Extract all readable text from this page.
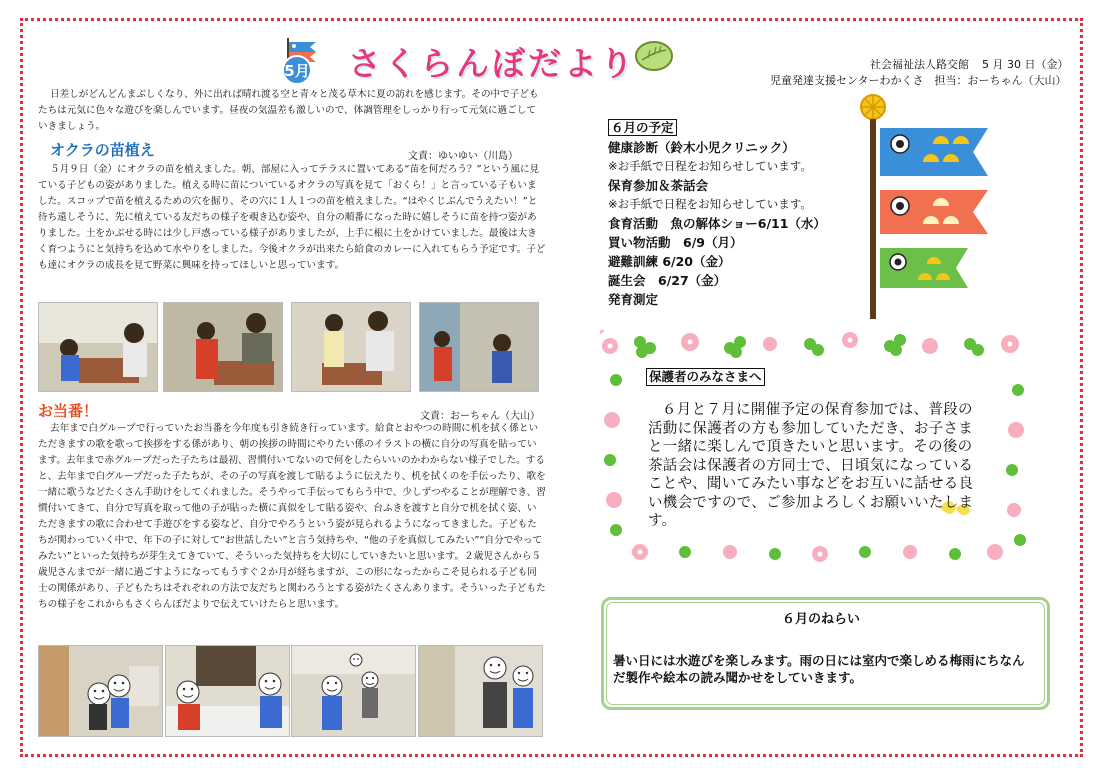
5月 さくらんぼだより	社会福祉法人路交館 5 月 30 日（金）
児童発達支援センターわかくさ　担当：おーちゃん（大山）
日差しがどんどんまぶしくなり、外に出れば晴れ渡る空と青々と茂る草木に夏の訪れを感じます。その中で子どもたちは元気に色々な遊びを楽しんでいます。昼夜の気温差も激しいので、体調管理をしっかり行って元気に過ごしていきましょう。
オクラの苗植え	文責：ゆいゆい（川島）
５月９日（金）にオクラの苗を植えました。朝、部屋に入ってテラスに置いてある“苗を何だろう？”という風に見ている子どもの姿がありました。植える時に苗についているオクラの写真を見て「おくら！」と言っている子もいました。スコップで苗を植えるための穴を掘り、その穴に１人１つの苗を植えました。“はやくじぶんでうえたい！”と待ち遠しそうに、先に植えている友だちの様子を覗き込む姿や、自分の順番になった時に嬉しそうに苗を持つ姿がありました。土をかぶせる時には少し戸惑っている様子がありましたが、上手に根に土をかけていました。最後は大きく育つようにと気持ちを込めて水やりをしました。今後オクラが出来たら給食のカレーに入れてもらう予定です。子ども達にオクラの成長を見て野菜に興味を持ってほしいと思っています。
お当番！	文責：おーちゃん（大山）
去年まで白グループで行っていたお当番を今年度も引き続き行っています。給食とおやつの時間に机を拭く係といただきますの歌を歌って挨拶をする係があり、朝の挨拶の時間にやりたい係のイラストの横に自分の写真を貼っています。去年まで赤グループだった子たちは最初、習慣付いてないので何をしたらいいのかわからない様子でした。すると、去年まで白グループだった子たちが、その子の写真を渡して貼るように伝えたり、机を拭くのを手伝ったり、歌を一緒に歌うなどたくさん手助けをしてくれました。そうやって手伝ってもらう中で、少しずつやることが理解でき、習慣付いてきて、自分で写真を取って他の子が貼った横に真似をして貼る姿や、台ふきを渡すと自分で机を拭く姿、いただきますの歌に合わせて手遊びをする姿など、自分でやろうという姿が見られるようになってきました。子どもたちが関わっていく中で、年下の子に対して“お世話したい”と言う気持ちや、“他の子を真似してみたい”“自分でやってみたい”といった気持ちが芽生えてきていて、そういった気持ちを大切にしていきたいと思います。２歳児さんから５歳児さんまでが一緒に過ごすようになってもうすぐ２か月が経ちますが、この形になったからこそ見られる子ども同士の関係があり、子どもたちはそれぞれの方法で友だちと関わろうとする姿がたくさんあります。そういった子どもたちの様子をこれからもさくらんぼだよりで伝えていけたらと思います。
６月の予定
健康診断（鈴木小児クリニック）
※お手紙で日程をお知らせしています。
保育参加＆茶話会
※お手紙で日程をお知らせしています。
食育活動　魚の解体ショー6/11（水）
買い物活動　6/9（月）
避難訓練 6/20（金）
誕生会　6/27（金）
発育測定
保護者のみなさまへ
６月と７月に開催予定の保育参加では、普段の活動に保護者の方も参加していただき、お子さまと一緒に楽しんで頂きたいと思います。その後の茶話会は保護者の方同士で、日頃気になっていることや、聞いてみたい事などをお互いに話せる良い機会ですので、ご参加よろしくお願いいたします。
６月のねらい
暑い日には水遊びを楽しみます。雨の日には室内で楽しめる梅雨にちなんだ製作や絵本の読み聞かせをしていきます。
